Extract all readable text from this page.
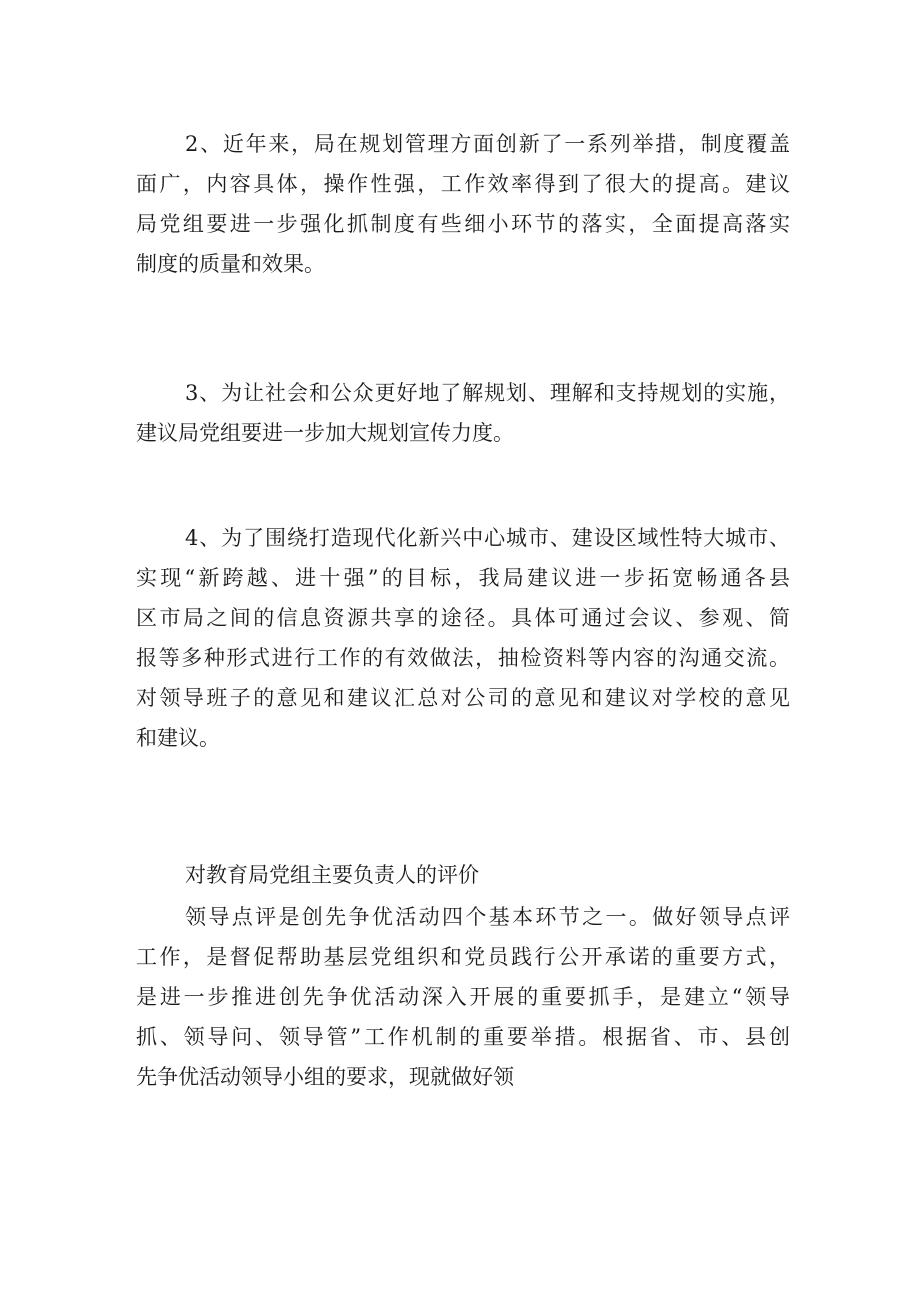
2、近年来，局在规划管理方面创新了一系列举措，制度覆盖
面广，内容具体，操作性强，工作效率得到了很大的提高。建议
局党组要进一步强化抓制度有些细小环节的落实，全面提高落实
制度的质量和效果。
3、为让社会和公众更好地了解规划、理解和支持规划的实施，
建议局党组要进一步加大规划宣传力度。
4、为了围绕打造现代化新兴中心城市、建设区域性特大城市、
实现“新跨越、进十强”的目标，我局建议进一步拓宽畅通各县
区市局之间的信息资源共享的途径。具体可通过会议、参观、简
报等多种形式进行工作的有效做法，抽检资料等内容的沟通交流。
对领导班子的意见和建议汇总对公司的意见和建议对学校的意见
和建议。
对教育局党组主要负责人的评价
领导点评是创先争优活动四个基本环节之一。做好领导点评
工作，是督促帮助基层党组织和党员践行公开承诺的重要方式，
是进一步推进创先争优活动深入开展的重要抓手，是建立“领导
抓、领导问、领导管”工作机制的重要举措。根据省、市、县创
先争优活动领导小组的要求，现就做好领
